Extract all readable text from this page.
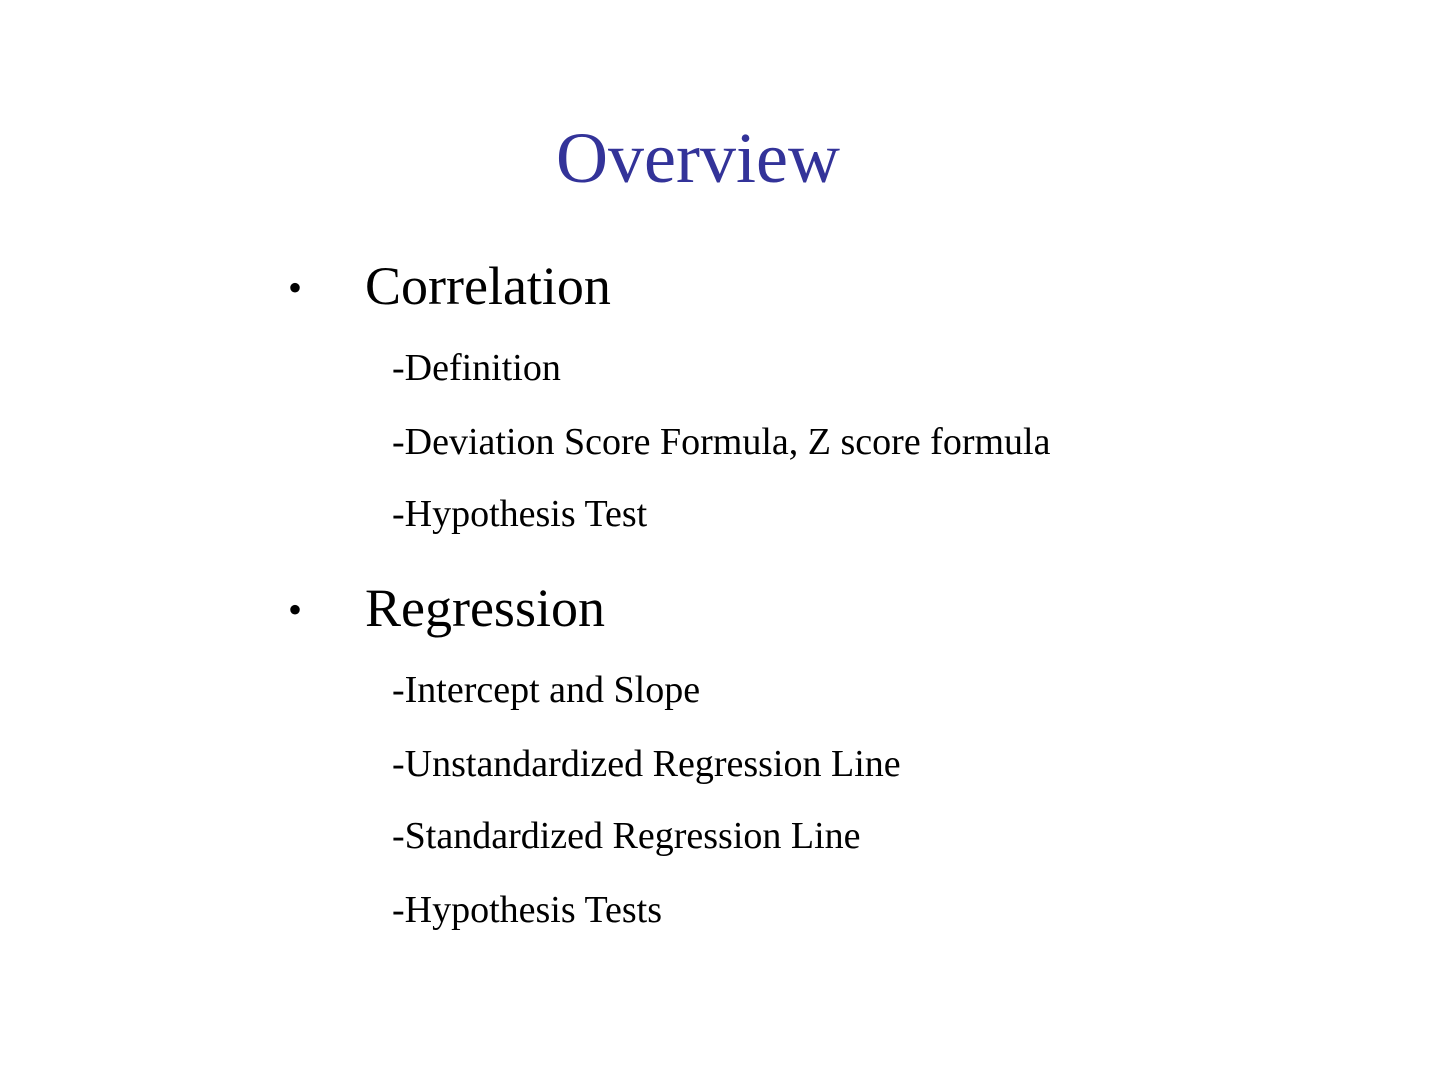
Overview
• Correlation
-Definition
-Deviation Score Formula, Z score formula
-Hypothesis Test
• Regression
-Intercept and Slope
-Unstandardized Regression Line
-Standardized Regression Line
-Hypothesis Tests
